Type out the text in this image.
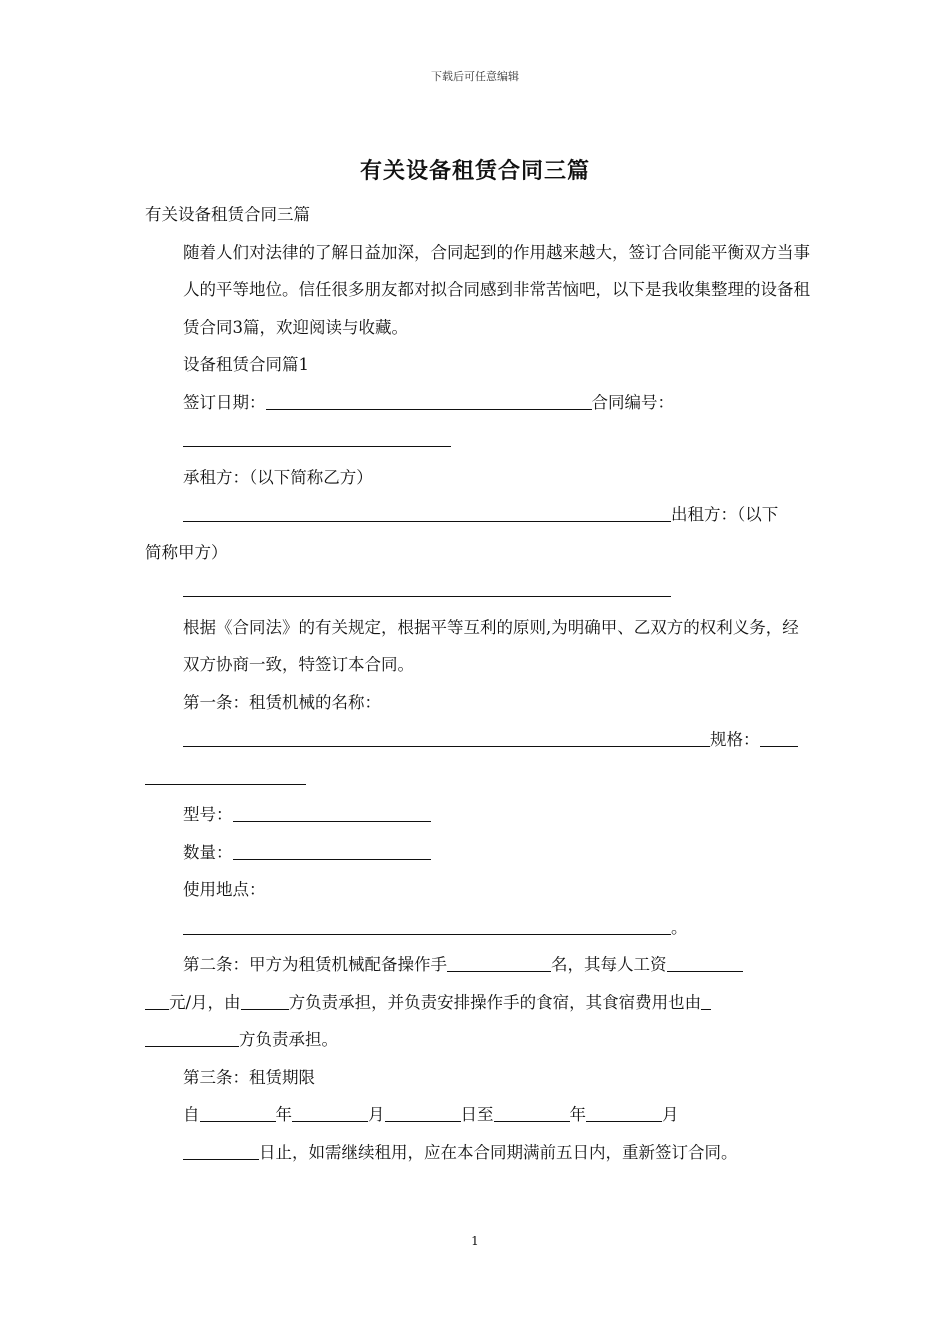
下载后可任意编辑
有关设备租赁合同三篇

有关设备租赁合同三篇

随着人们对法律的了解日益加深，合同起到的作用越来越大，签订合同能平衡双方当事人的平等地位。信任很多朋友都对拟合同感到非常苦恼吧，以下是我收集整理的设备租赁合同3篇，欢迎阅读与收藏。

设备租赁合同篇1

签订日期：	合同编号：

承租方：（以下简称乙方）

出租方：（以下

简称甲方）

根据《合同法》的有关规定，根据平等互利的原则,为明确甲、乙双方的权利义务，经双方协商一致，特签订本合同。

第一条：租赁机械的名称：

规格：

型号：

数量：

使用地点：

。

第二条：甲方为租赁机械配备操作手	名，其每人工资

元/月，由	方负责承担，并负责安排操作手的食宿，其食宿费用也由

方负责承担。

第三条：租赁期限

自	年	月	日至	年	月

日止，如需继续租用，应在本合同期满前五日内，重新签订合同。

1
